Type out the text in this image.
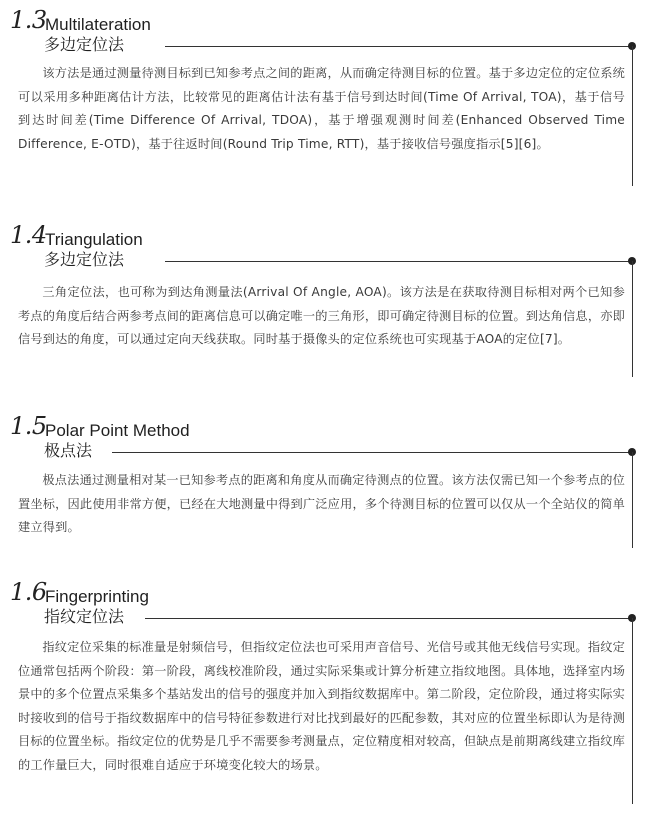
1.3
Multilateration
多边定位法

该方法是通过测量待测目标到已知参考点之间的距离，从而确定待测目标的位置。基于多边定位的定位系统可以采用多种距离估计方法，比较常见的距离估计法有基于信号到达时间(Time Of Arrival, TOA)，基于信号到达时间差(Time Difference Of Arrival, TDOA)，基于增强观测时间差(Enhanced Observed Time Difference, E-OTD)，基于往返时间(Round Trip Time, RTT)，基于接收信号强度指示[5][6]。

1.4
Triangulation
多边定位法

三角定位法，也可称为到达角测量法(Arrival Of Angle, AOA)。该方法是在获取待测目标相对两个已知参考点的角度后结合两参考点间的距离信息可以确定唯一的三角形，即可确定待测目标的位置。到达角信息，亦即信号到达的角度，可以通过定向天线获取。同时基于摄像头的定位系统也可实现基于AOA的定位[7]。

1.5
Polar Point Method
极点法

极点法通过测量相对某一已知参考点的距离和角度从而确定待测点的位置。该方法仅需已知一个参考点的位置坐标，因此使用非常方便，已经在大地测量中得到广泛应用，多个待测目标的位置可以仅从一个全站仪的简单建立得到。

1.6
Fingerprinting
指纹定位法

指纹定位采集的标准量是射频信号，但指纹定位法也可采用声音信号、光信号或其他无线信号实现。指纹定位通常包括两个阶段：第一阶段，离线校准阶段，通过实际采集或计算分析建立指纹地图。具体地，选择室内场景中的多个位置点采集多个基站发出的信号的强度并加入到指纹数据库中。第二阶段，定位阶段，通过将实际实时接收到的信号于指纹数据库中的信号特征参数进行对比找到最好的匹配参数，其对应的位置坐标即认为是待测目标的位置坐标。指纹定位的优势是几乎不需要参考测量点，定位精度相对较高，但缺点是前期离线建立指纹库的工作量巨大，同时很难自适应于环境变化较大的场景。
